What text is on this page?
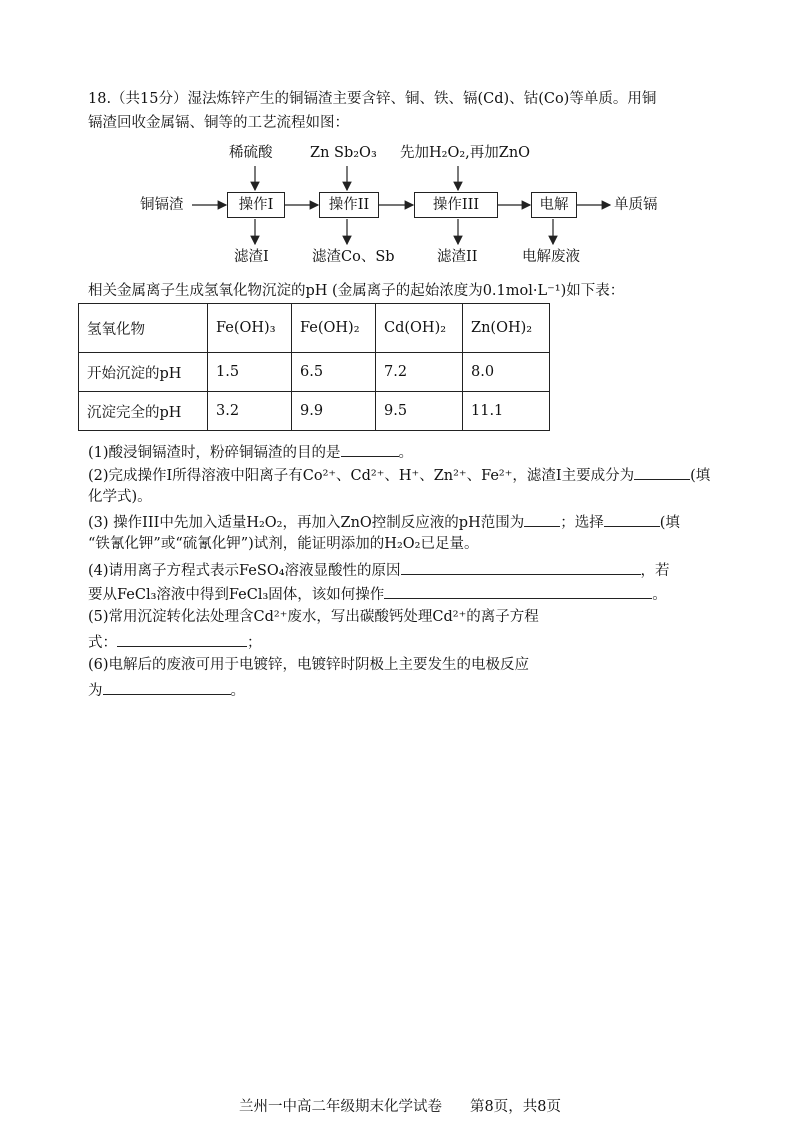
18.（共15分）湿法炼锌产生的铜镉渣主要含锌、铜、铁、镉(Cd)、钴(Co)等单质。用铜
镉渣回收金属镉、铜等的工艺流程如图：
铜镉渣	单质镉
操作I	操作II	操作III	电解
稀硫酸	Zn Sb₂O₃ 先加H₂O₂,再加ZnO
滤渣I	滤渣Co、Sb	滤渣II	电解废液
相关金属离子生成氢氧化物沉淀的pH (金属离子的起始浓度为0.1mol·L⁻¹)如下表：
氢氧化物	Fe(OH)₃	Fe(OH)₂	Cd(OH)₂	Zn(OH)₂
开始沉淀的pH	1.5	6.5	7.2	8.0
沉淀完全的pH	3.2	9.9	9.5	11.1
(1)酸浸铜镉渣时，粉碎铜镉渣的目的是	。
(2)完成操作I所得溶液中阳离子有Co²⁺、Cd²⁺、H⁺、Zn²⁺、Fe²⁺，滤渣I主要成分为	(填
化学式)。
(3) 操作III中先加入适量H₂O₂，再加入ZnO控制反应液的pH范围为 ；选择	(填
“铁氰化钾”或“硫氰化钾”)试剂，能证明添加的H₂O₂已足量。
(4)请用离子方程式表示FeSO₄溶液显酸性的原因	，若
要从FeCl₃溶液中得到FeCl₃固体，该如何操作	。
(5)常用沉淀转化法处理含Cd²⁺废水，写出碳酸钙处理Cd²⁺的离子方程
式：	；
(6)电解后的废液可用于电镀锌，电镀锌时阴极上主要发生的电极反应
为	。
兰州一中高二年级期末化学试卷 第8页，共8页
